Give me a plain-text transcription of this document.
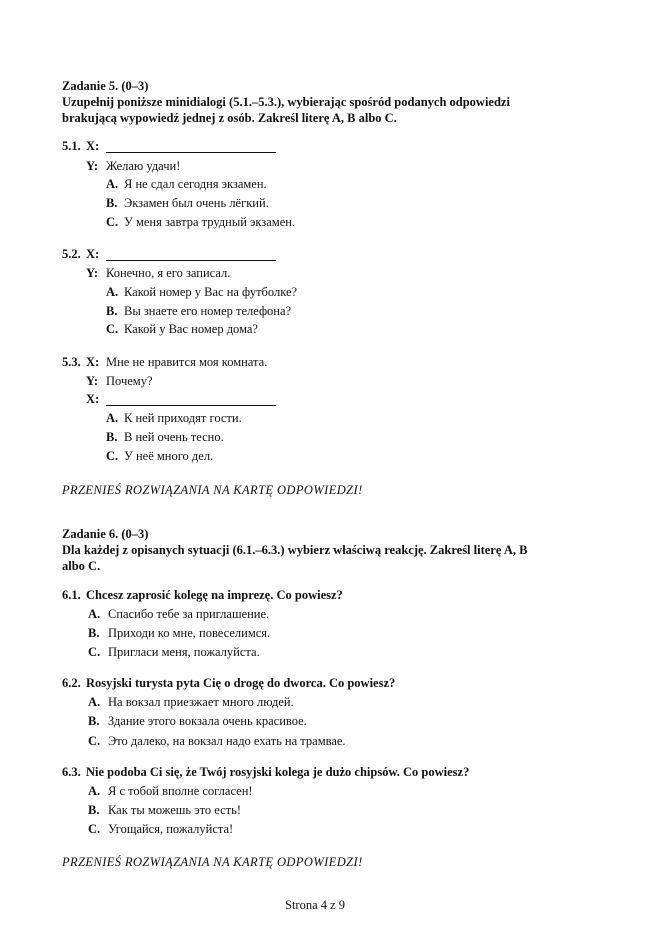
Zadanie 5. (0–3)
Uzupełnij poniższe minidialogi (5.1.–5.3.), wybierając spośród podanych odpowiedzi
brakującą wypowiedź jednej z osób. Zakreśl literę A, B albo C.
5.1. X:
Y: Желаю удачи!
A. Я не сдал сегодня экзамен.
B. Экзамен был очень лёгкий.
C. У меня завтра трудный экзамен.
5.2. X:
Y: Конечно, я его записал.
A. Какой номер у Вас на футболке?
B. Вы знаете его номер телефона?
C. Какой у Вас номер дома?
5.3. X: Мне не нравится моя комната.
Y: Почему?
X:
A. К ней приходят гости.
B. В ней очень тесно.
C. У неё много дел.
PRZENIEŚ ROZWIĄZANIA NA KARTĘ ODPOWIEDZI!
Zadanie 6. (0–3)
Dla każdej z opisanych sytuacji (6.1.–6.3.) wybierz właściwą reakcję. Zakreśl literę A, B
albo C.
6.1. Chcesz zaprosić kolegę na imprezę. Co powiesz?
A. Спасибо тебе за приглашение.
B. Приходи ко мне, повеселимся.
C. Пригласи меня, пожалуйста.
6.2. Rosyjski turysta pyta Cię o drogę do dworca. Co powiesz?
A. На вокзал приезжает много людей.
B. Здание этого вокзала очень красивое.
C. Это далеко, на вокзал надо ехать на трамвае.
6.3. Nie podoba Ci się, że Twój rosyjski kolega je dużo chipsów. Co powiesz?
A. Я с тобой вполне согласен!
B. Как ты можешь это есть!
C. Угощайся, пожалуйста!
PRZENIEŚ ROZWIĄZANIA NA KARTĘ ODPOWIEDZI!
Strona 4 z 9
